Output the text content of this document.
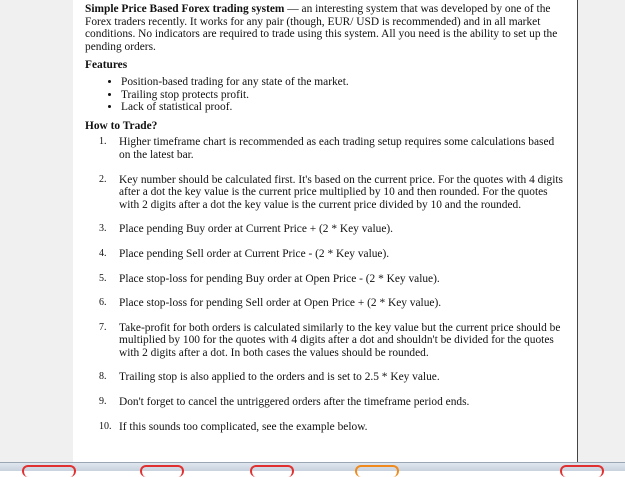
Simple Price Based Forex trading system — an interesting system that was developed by one of the Forex traders recently. It works for any pair (though, EUR/ USD is recommended) and in all market conditions. No indicators are required to trade using this system. All you need is the ability to set up the pending orders.

Features
• Position-based trading for any state of the market.
• Trailing stop protects profit.
• Lack of statistical proof.
How to Trade?
1.	Higher timeframe chart is recommended as each trading setup requires some calculations based on the latest bar.
2.	Key number should be calculated first. It's based on the current price. For the quotes with 4 digits after a dot the key value is the current price multiplied by 10 and then rounded. For the quotes with 2 digits after a dot the key value is the current price divided by 10 and the rounded.
3.	Place pending Buy order at Current Price + (2 * Key value).
4.	Place pending Sell order at Current Price - (2 * Key value).
5.	Place stop-loss for pending Buy order at Open Price - (2 * Key value).
6.	Place stop-loss for pending Sell order at Open Price + (2 * Key value).
7.	Take-profit for both orders is calculated similarly to the key value but the current price should be multiplied by 100 for the quotes with 4 digits after a dot and shouldn't be divided for the quotes with 2 digits after a dot. In both cases the values should be rounded.
8.	Trailing stop is also applied to the orders and is set to 2.5 * Key value.
9.	Don't forget to cancel the untriggered orders after the timeframe period ends.
10. If this sounds too complicated, see the example below.
